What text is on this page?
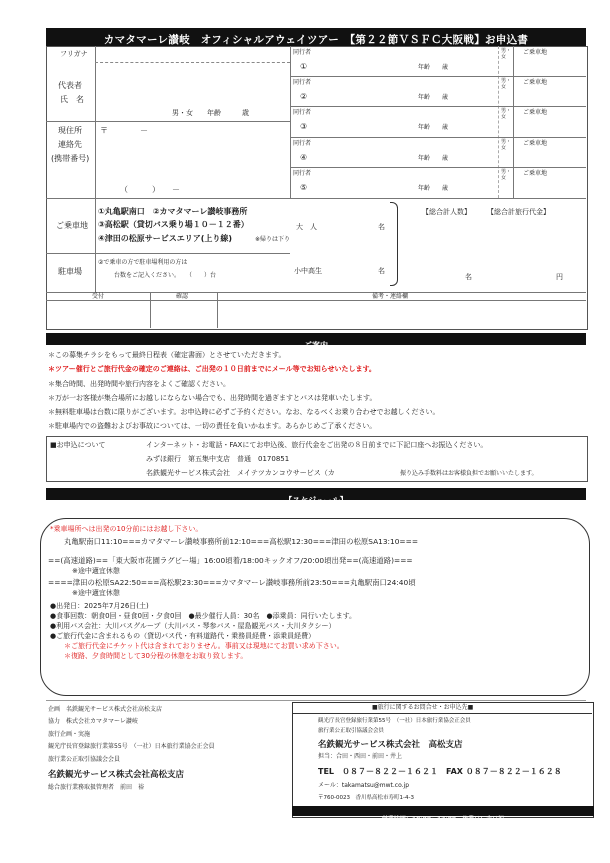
カマタマーレ讃岐　オフィシャルアウェイツアー　【第２２節ＶＳＦＣ大阪戦】お申込書
フリガナ
代表者
氏　名
男・女　　年齢　　　歳
現住所
連絡先
(携帯番号)
〒　　　　－
（　　　）　　－
同行者
①	年齢　　歳
ご乗車地
男・女
同行者
②	年齢　　歳
ご乗車地
男・女
同行者
③	年齢　　歳
ご乗車地
男・女
同行者
④	年齢　　歳
ご乗車地
男・女
同行者
⑤	年齢　　歳
ご乗車地
男・女
ご乗車地
①丸亀駅南口　②カマタマーレ讃岐事務所
③高松駅（貸切バス乗り場１０－１２番）
④津田の松原サービスエリア(上り線)	※帰りは下り
【総合計人数】 【総合計旅行代金】
大　人	名
小中高生	名
名	円
駐車場
②で乗車の方で駐車場利用の方は
台数をご記入ください。　　（　　）台
受付	確認	備考・連絡欄
ご案内
＊この募集チラシをもって最終日程表（確定書面）とさせていただきます。
＊ツアー催行とご旅行代金の確定のご連絡は、ご出発の１０日前までにメール等でお知らせいたします。
＊集合時間、出発時間や旅行内容をよくご確認ください。
＊万が一お客様が集合場所にお越しにならない場合でも、出発時間を過ぎますとバスは発車いたします。
＊無料駐車場は台数に限りがございます。お申込時に必ずご予約ください。なお、なるべくお乗り合わせでお越しください。
＊駐車場内での盗難およびお事故については、一切の責任を負いかねます。あらかじめご了承ください。
■お申込について	インターネット・お電話・FAXにてお申込後、旅行代金をご出発の８日前までに下記口座へお振込ください。
みずほ銀行　第五集中支店　普通　0170851
名鉄観光サービス株式会社　メイテツカンコウサービス（カ	振り込み手数料はお客様負担でお願いいたします。
【スケジュール】
*乗車場所へは出発の10分前にはお越し下さい。
丸亀駅南口11:10===カマタマーレ讃岐事務所前12:10===高松駅12:30===津田の松原SA13:10===
==(高速道路)==「東大阪市花園ラグビー場」16:00頃着/18:00キックオフ/20:00頃出発==(高速道路)===
※途中適宜休憩
====津田の松原SA22:50===高松駅23:30===カマタマーレ讃岐事務所前23:50===丸亀駅南口24:40頃
※途中適宜休憩
●出発日：2025年7月26日(土)
●食事回数：朝食0回・昼食0回・夕食0回　●最少催行人員：30名　●添乗員：同行いたします。
●利用バス会社：大川バスグループ（大川バス・琴参バス・屋島観光バス・大川タクシー）
●ご旅行代金に含まれるもの（貸切バス代・有料道路代・乗務員経費・添乗員経費）
＊ご旅行代金にチケット代は含まれておりません。事前又は現地にてお買い求め下さい。
＊復路、夕食時間として30分程の休憩をお取り致します。
企画　名鉄観光サービス株式会社高松支店
協力　株式会社カマタマーレ讃岐
旅行企画・実施
観光庁長官登録旅行業第55号　（一社）日本旅行業協会正会員
旅行業公正取引協議会会員
名鉄観光サービス株式会社高松支店
総合旅行業務取扱管理者　前田　裕
■旅行に関するお問合せ・お申込先■
観光庁長官登録旅行業第55号　（一社）日本旅行業協会正会員
旅行業公正取引協議会会員
名鉄観光サービス株式会社　高松支店
担当：合田・西田・前田・井上
TEL　０８７－８２２－１６２１　FAX ０８７－８２２－１６２８
メール：takamatsu@mwt.co.jp
〒760-0023　香川県高松市寿町1-4-3
営業時間：10:00〜17:00　休業日：土日祝
